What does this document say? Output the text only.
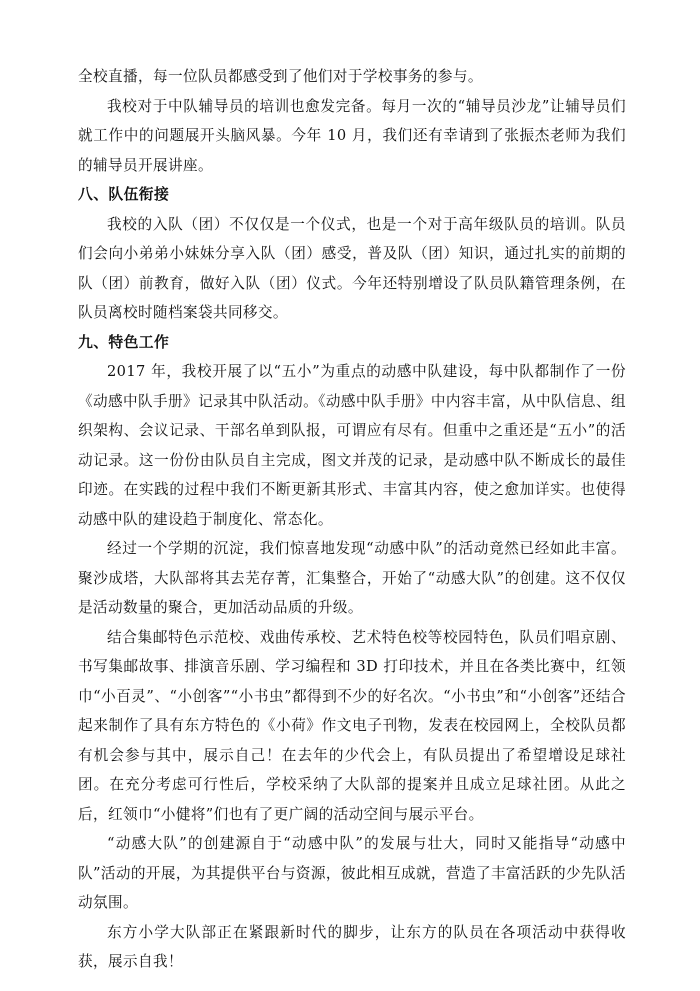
全校直播，每一位队员都感受到了他们对于学校事务的参与。

我校对于中队辅导员的培训也愈发完备。每月一次的“辅导员沙龙”让辅导员们就工作中的问题展开头脑风暴。今年 10 月，我们还有幸请到了张振杰老师为我们的辅导员开展讲座。

八、队伍衔接

我校的入队（团）不仅仅是一个仪式，也是一个对于高年级队员的培训。队员们会向小弟弟小妹妹分享入队（团）感受，普及队（团）知识，通过扎实的前期的队（团）前教育，做好入队（团）仪式。今年还特别增设了队员队籍管理条例，在队员离校时随档案袋共同移交。

九、特色工作

2017 年，我校开展了以“五小”为重点的动感中队建设，每中队都制作了一份《动感中队手册》记录其中队活动。《动感中队手册》中内容丰富，从中队信息、组织架构、会议记录、干部名单到队报，可谓应有尽有。但重中之重还是“五小”的活动记录。这一份份由队员自主完成，图文并茂的记录，是动感中队不断成长的最佳印迹。在实践的过程中我们不断更新其形式、丰富其内容，使之愈加详实。也使得动感中队的建设趋于制度化、常态化。

经过一个学期的沉淀，我们惊喜地发现“动感中队”的活动竟然已经如此丰富。聚沙成塔，大队部将其去芜存菁，汇集整合，开始了“动感大队”的创建。这不仅仅是活动数量的聚合，更加活动品质的升级。

结合集邮特色示范校、戏曲传承校、艺术特色校等校园特色，队员们唱京剧、书写集邮故事、排演音乐剧、学习编程和 3D 打印技术，并且在各类比赛中，红领巾“小百灵”、“小创客”“小书虫”都得到不少的好名次。“小书虫”和“小创客”还结合起来制作了具有东方特色的《小荷》作文电子刊物，发表在校园网上，全校队员都有机会参与其中，展示自己！在去年的少代会上，有队员提出了希望增设足球社团。在充分考虑可行性后，学校采纳了大队部的提案并且成立足球社团。从此之后，红领巾“小健将”们也有了更广阔的活动空间与展示平台。

“动感大队”的创建源自于“动感中队”的发展与壮大，同时又能指导“动感中队”活动的开展，为其提供平台与资源，彼此相互成就，营造了丰富活跃的少先队活动氛围。

东方小学大队部正在紧跟新时代的脚步，让东方的队员在各项活动中获得收获，展示自我！
